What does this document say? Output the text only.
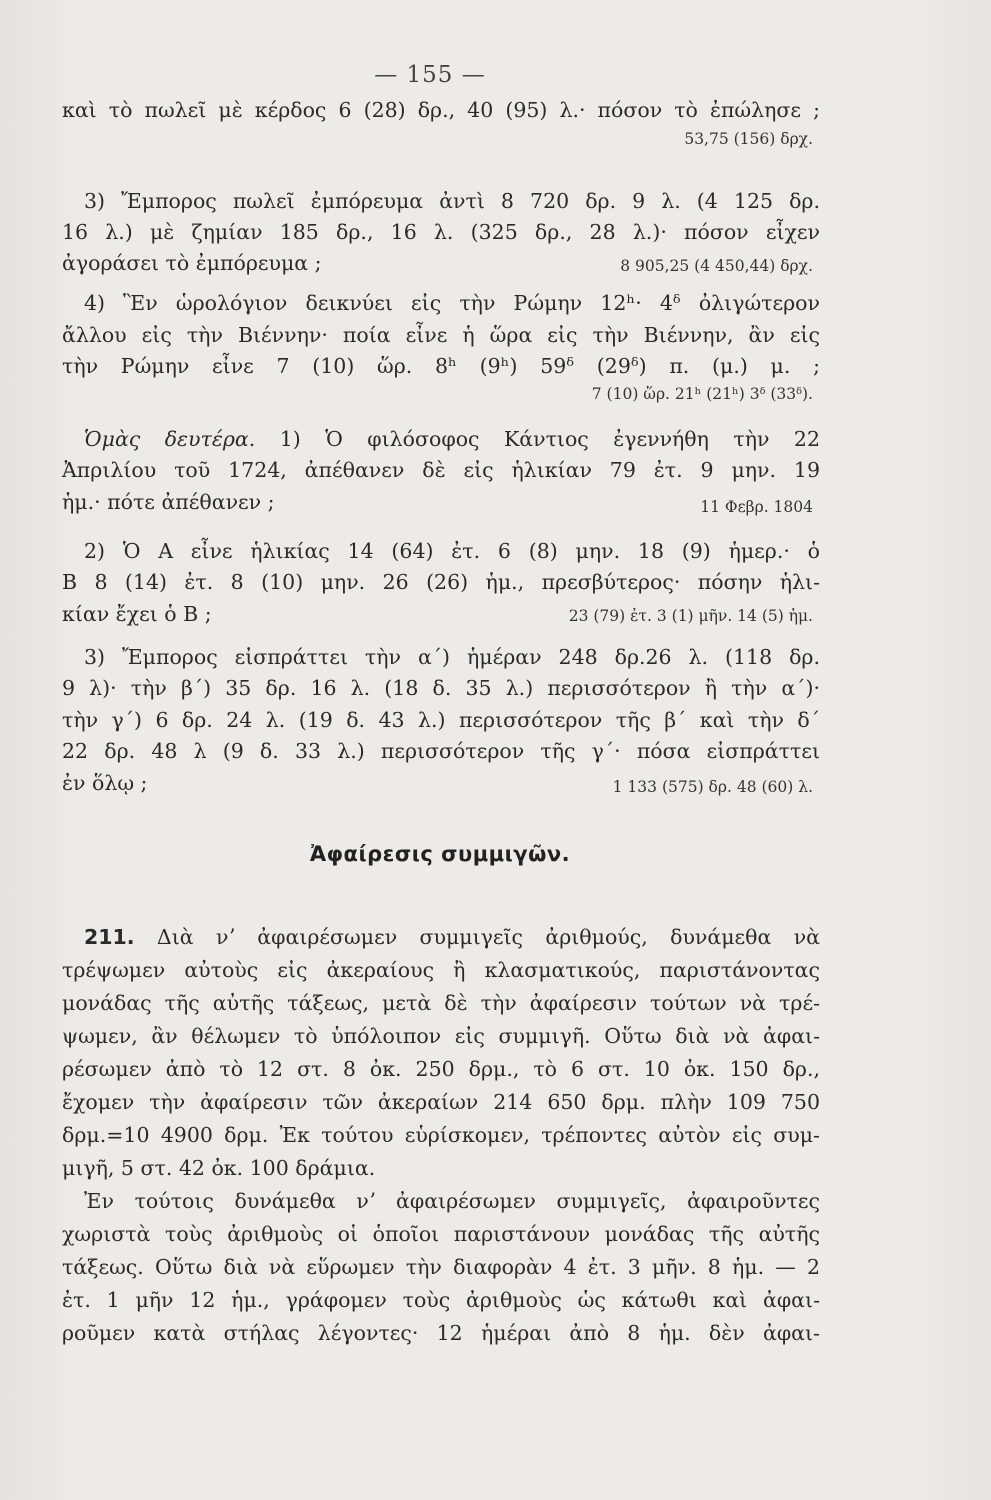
— 155 —
καὶ τὸ πωλεῖ μὲ κέρδος 6 (28) δρ., 40 (95) λ.· πόσον τὸ ἐπώλησε ;
53,75 (156) δρχ.
3) Ἔμπορος πωλεῖ ἐμπόρευμα ἀντὶ 8 720 δρ. 9 λ. (4 125 δρ.
16 λ.) μὲ ζημίαν 185 δρ., 16 λ. (325 δρ., 28 λ.)· πόσον εἶχεν
ἀγοράσει τὸ ἐμπόρευμα ;	8 905,25 (4 450,44) δρχ.
4) Ἓν ὡρολόγιον δεικνύει εἰς τὴν Ρώμην 12ʰ· 4ᵟ ὀλιγώτερον
ἄλλου εἰς τὴν Βιέννην· ποία εἶνε ἡ ὥρα εἰς τὴν Βιέννην, ἂν εἰς
τὴν Ρώμην εἶνε 7 (10) ὥρ. 8ʰ (9ʰ) 59ᵟ (29ᵟ) π. (μ.) μ. ;
7 (10) ὥρ. 21ʰ (21ʰ) 3ᵟ (33ᵟ).
Ὁμὰς δευτέρα. 1) Ὁ φιλόσοφος Κάντιος ἐγεννήθη τὴν 22
Ἀπριλίου τοῦ 1724, ἀπέθανεν δὲ εἰς ἡλικίαν 79 ἐτ. 9 μην. 19
ἡμ.· πότε ἀπέθανεν ;	11 Φεβρ. 1804
2) Ὁ Α εἶνε ἡλικίας 14 (64) ἐτ. 6 (8) μην. 18 (9) ἡμερ.· ὁ
Β 8 (14) ἐτ. 8 (10) μην. 26 (26) ἡμ., πρεσβύτερος· πόσην ἡλι-
κίαν ἔχει ὁ Β ;	23 (79) ἐτ. 3 (1) μῆν. 14 (5) ἡμ.
3) Ἔμπορος εἰσπράττει τὴν α΄) ἡμέραν 248 δρ.26 λ. (118 δρ.
9 λ)· τὴν β΄) 35 δρ. 16 λ. (18 δ. 35 λ.) περισσότερον ἢ τὴν α΄)·
τὴν γ΄) 6 δρ. 24 λ. (19 δ. 43 λ.) περισσότερον τῆς β΄ καὶ τὴν δ΄
22 δρ. 48 λ (9 δ. 33 λ.) περισσότερον τῆς γ΄· πόσα εἰσπράττει
ἐν ὅλῳ ;	1 133 (575) δρ. 48 (60) λ.
Ἀφαίρεσις συμμιγῶν.
211. Διὰ νʼ ἀφαιρέσωμεν συμμιγεῖς ἀριθμούς, δυνάμεθα νὰ
τρέψωμεν αὐτοὺς εἰς ἀκεραίους ἢ κλασματικούς, παριστάνοντας
μονάδας τῆς αὐτῆς τάξεως, μετὰ δὲ τὴν ἀφαίρεσιν τούτων νὰ τρέ-
ψωμεν, ἂν θέλωμεν τὸ ὑπόλοιπον εἰς συμμιγῆ. Οὕτω διὰ νὰ ἀφαι-
ρέσωμεν ἀπὸ τὸ 12 στ. 8 ὀκ. 250 δρμ., τὸ 6 στ. 10 ὀκ. 150 δρ.,
ἔχομεν τὴν ἀφαίρεσιν τῶν ἀκεραίων 214 650 δρμ. πλὴν 109 750
δρμ.=10 4900 δρμ. Ἐκ τούτου εὑρίσκομεν, τρέποντες αὐτὸν εἰς συμ-
μιγῆ, 5 στ. 42 ὀκ. 100 δράμια.
Ἐν τούτοις δυνάμεθα νʼ ἀφαιρέσωμεν συμμιγεῖς, ἀφαιροῦντες
χωριστὰ τοὺς ἀριθμοὺς οἱ ὁποῖοι παριστάνουν μονάδας τῆς αὐτῆς
τάξεως. Οὕτω διὰ νὰ εὕρωμεν τὴν διαφορὰν 4 ἐτ. 3 μῆν. 8 ἡμ. — 2
ἐτ. 1 μῆν 12 ἡμ., γράφομεν τοὺς ἀριθμοὺς ὡς κάτωθι καὶ ἀφαι-
ροῦμεν κατὰ στήλας λέγοντες· 12 ἡμέραι ἀπὸ 8 ἡμ. δὲν ἀφαι-
